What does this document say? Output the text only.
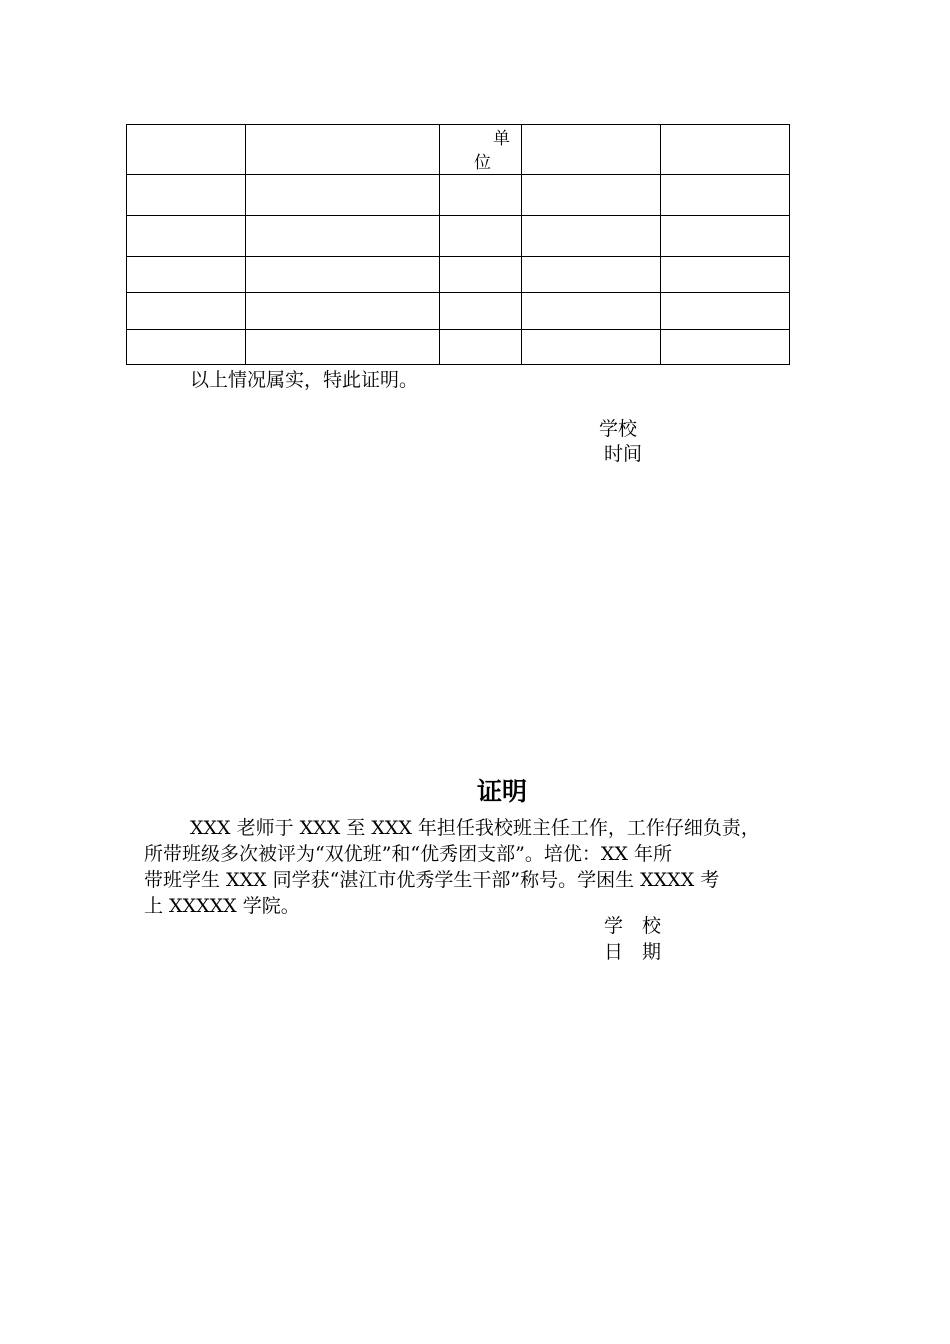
		单
位		

以上情况属实，特此证明。
学校
时间
证明
XXX 老师于 XXX 至 XXX 年担任我校班主任工作，工作仔细负责，
所带班级多次被评为“双优班”和“优秀团支部”。培优：XX 年所
带班学生 XXX 同学获“湛江市优秀学生干部”称号。学困生 XXXX 考
上 XXXXX 学院。
学　校
日　期
